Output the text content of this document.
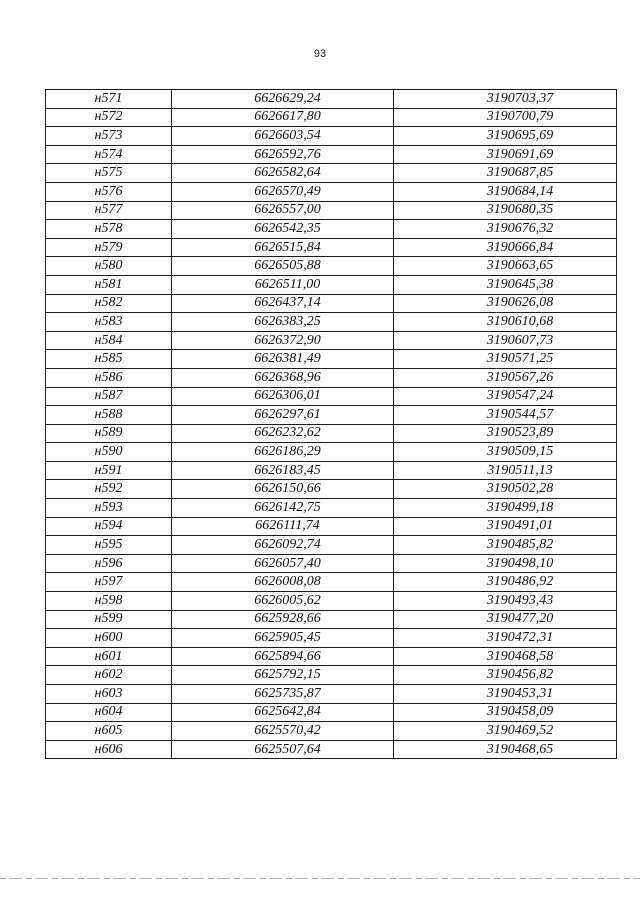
93
н571	6626629,24	3190703,37
н572	6626617,80	3190700,79
н573	6626603,54	3190695,69
н574	6626592,76	3190691,69
н575	6626582,64	3190687,85
н576	6626570,49	3190684,14
н577	6626557,00	3190680,35
н578	6626542,35	3190676,32
н579	6626515,84	3190666,84
н580	6626505,88	3190663,65
н581	6626511,00	3190645,38
н582	6626437,14	3190626,08
н583	6626383,25	3190610,68
н584	6626372,90	3190607,73
н585	6626381,49	3190571,25
н586	6626368,96	3190567,26
н587	6626306,01	3190547,24
н588	6626297,61	3190544,57
н589	6626232,62	3190523,89
н590	6626186,29	3190509,15
н591	6626183,45	3190511,13
н592	6626150,66	3190502,28
н593	6626142,75	3190499,18
н594	6626111,74	3190491,01
н595	6626092,74	3190485,82
н596	6626057,40	3190498,10
н597	6626008,08	3190486,92
н598	6626005,62	3190493,43
н599	6625928,66	3190477,20
н600	6625905,45	3190472,31
н601	6625894,66	3190468,58
н602	6625792,15	3190456,82
н603	6625735,87	3190453,31
н604	6625642,84	3190458,09
н605	6625570,42	3190469,52
н606	6625507,64	3190468,65
